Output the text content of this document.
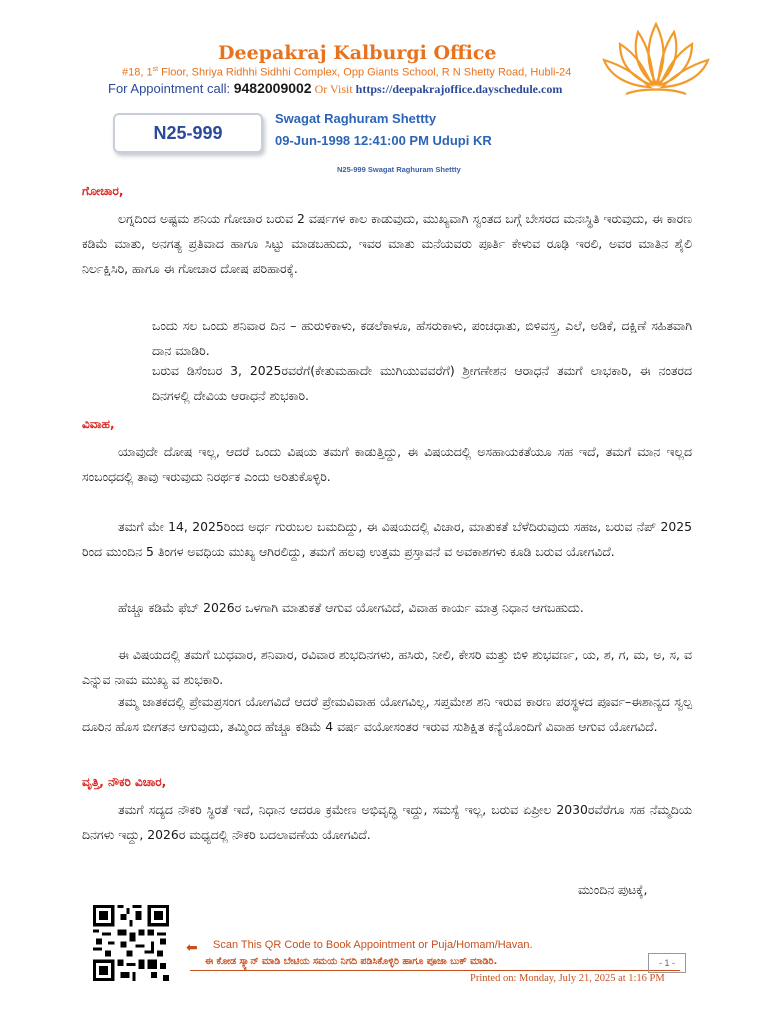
Deepakraj Kalburgi Office
#18, 1st Floor, Shriya Ridhhi Sidhhi Complex, Opp Giants School, R N Shetty Road, Hubli-24
For Appointment call: 9482009002 Or Visit https://deepakrajoffice.dayschedule.com
N25-999
Swagat Raghuram Shettty
09-Jun-1998 12:41:00 PM Udupi KR
N25-999 Swagat Raghuram Shettty
ಗೋಚಾರ,
ಲಗ್ನದಿಂದ ಅಷ್ಟಮ ಶನಿಯ ಗೋಚಾರ ಬರುವ 2 ವರ್ಷಗಳ ಕಾಲ ಕಾಡುವುದು, ಮುಖ್ಯವಾಗಿ ಸ್ವಂತದ ಬಗ್ಗೆ ಬೇಸರದ ಮನಃಸ್ಥಿತಿ ಇರುವುದು, ಈ ಕಾರಣ ಕಡಿಮೆ ಮಾತು, ಅನಗತ್ಯ ಪ್ರತಿವಾದ ಹಾಗೂ ಸಿಟ್ಟು ಮಾಡಬಹುದು, ಇವರ ಮಾತು ಮನೆಯವರು ಪೂರ್ತಿ ಕೇಳುವ ರೂಢಿ ಇರಲಿ, ಅವರ ಮಾತಿನ ಶೈಲಿ ನಿರ್ಲಕ್ಷಿಸಿರಿ, ಹಾಗೂ ಈ ಗೋಚಾರ ದೋಷ ಪರಿಹಾರಕ್ಕೆ.
ಒಂದು ಸಲ ಒಂದು ಶನಿವಾರ ದಿನ – ಹುರುಳಿಕಾಳು, ಕಡಲೆಕಾಳೂ, ಹೆಸರುಕಾಳು, ಪಂಚಧಾತು, ಬಿಳಿವಸ್ತ್ರ, ಎಲೆ, ಅಡಿಕೆ, ದಕ್ಷಿಣೆ ಸಹಿತವಾಗಿ ದಾನ ಮಾಡಿರಿ.
ಬರುವ ಡಿಸೆಂಬರ 3, 2025ರವರೆಗೆ(ಕೇತುಮಹಾದೇ ಮುಗಿಯುವವರೆಗೆ) ಶ್ರೀಗಣೇಶನ ಆರಾಧನೆ ತಮಗೆ ಲಾಭಕಾರಿ, ಈ ನಂತರದ ದಿನಗಳಲ್ಲಿ ದೇವಿಯ ಆರಾಧನೆ ಶುಭಕಾರಿ.
ವಿವಾಹ,
ಯಾವುದೇ ದೋಷ ಇಲ್ಲ, ಆದರೆ ಒಂದು ವಿಷಯ ತಮಗೆ ಕಾಡುತ್ತಿದ್ದು, ಈ ವಿಷಯದಲ್ಲಿ ಅಸಹಾಯಕತೆಯೂ ಸಹ ಇದೆ, ತಮಗೆ ಮಾನ ಇಲ್ಲದ ಸಂಬಂಧದಲ್ಲಿ ತಾವು ಇರುವುದು ನಿರರ್ಥಕ ಎಂದು ಅರಿತುಕೊಳ್ಳಿರಿ.
ತಮಗೆ ಮೇ 14, 2025ರಿಂದ ಅರ್ಧ ಗುರುಬಲ ಬಮದಿದ್ದು, ಈ ವಿಷಯದಲ್ಲಿ ವಿಚಾರ, ಮಾತುಕತೆ ಬೆಳೆದಿರುವುದು ಸಹಜ, ಬರುವ ನೆಪ್ 2025 ರಿಂದ ಮುಂದಿನ 5 ತಿಂಗಳ ಅವಧಿಯ ಮುಖ್ಯ ಆಗಿರಲಿದ್ದು, ತಮಗೆ ಹಲವು ಉತ್ತಮ ಪ್ರಸ್ತಾವನೆ ವ ಅವಕಾಶಗಳು ಕೂಡಿ ಬರುವ ಯೋಗವಿದೆ.
ಹೆಚ್ಚೂ ಕಡಿಮೆ ಫೆಬ್ 2026ರ ಒಳಗಾಗಿ ಮಾತುಕತೆ ಆಗುವ ಯೋಗವಿದೆ, ವಿವಾಹ ಕಾರ್ಯ ಮಾತ್ರ ನಿಧಾನ ಆಗಬಹುದು.
ಈ ವಿಷಯದಲ್ಲಿ ತಮಗೆ ಬುಧವಾರ, ಶನಿವಾರ, ರವಿವಾರ ಶುಭದಿನಗಳು, ಹಸಿರು, ನೀಲಿ, ಕೇಸರಿ ಮತ್ತು ಬಿಳಿ ಶುಭವರ್ಣ, ಯ, ಶ, ಗ, ಮ, ಅ, ಸ, ವ ಎನ್ನುವ ನಾಮ ಮುಖ್ಯ ವ ಶುಭಕಾರಿ.
ತಮ್ಮ ಜಾತಕದಲ್ಲಿ ಪ್ರೇಮಪ್ರಸಂಗ ಯೋಗವಿದೆ ಆದರೆ ಪ್ರೇಮವಿವಾಹ ಯೋಗವಿಲ್ಲ, ಸಪ್ತಮೇಶ ಶನಿ ಇರುವ ಕಾರಣ ಪರಸ್ಥಳದ ಪೂರ್ವ–ಈಶಾನ್ಯದ ಸ್ವಲ್ಪ ದೂರಿನ ಹೊಸ ಬೀಗತನ ಆಗುವುದು, ತಮ್ಮಿಂದ ಹೆಚ್ಚೂ ಕಡಿಮೆ 4 ವರ್ಷ ವಯೋಸಂತರ ಇರುವ ಸುಶಿಕ್ಷಿತ ಕನ್ಯೆಯೊಂದಿಗೆ ವಿವಾಹ ಆಗುವ ಯೋಗವಿದೆ.
ವೃತ್ತಿ, ನೌಕರಿ ವಿಚಾರ,
ತಮಗೆ ಸದ್ಯದ ನೌಕರಿ ಸ್ಥಿರತೆ ಇದೆ, ನಿಧಾನ ಆದರೂ ಕ್ರಮೇಣ ಅಭಿವೃದ್ಧಿ ಇದ್ದು, ಸಮಸ್ಯೆ ಇಲ್ಲ, ಬರುವ ಏಪ್ರೀಲ 2030ರವೆರೆಗೂ ಸಹ ನೆಮ್ಮದಿಯ ದಿನಗಳು ಇದ್ದು, 2026ರ ಮಧ್ಯದಲ್ಲಿ ನೌಕರಿ ಬದಲಾವಣೆಯ ಯೋಗವಿದೆ.
ಮುಂದಿನ ಪುಟಕ್ಕೆ,
⬅ Scan This QR Code to Book Appointment or Puja/Homam/Havan.
ಈ ಕೋಡ ಸ್ಕ್ಯಾನ್ ಮಾಡಿ ಬೇಟಿಯ ಸಮಯ ನಿಗದಿ ಪಡಿಸಿಕೊಳ್ಳಿರಿ ಹಾಗೂ ಪೂಜಾ ಬುಕ್ ಮಾಡಿರಿ.	- 1 -
Printed on: Monday, July 21, 2025 at 1:16 PM
